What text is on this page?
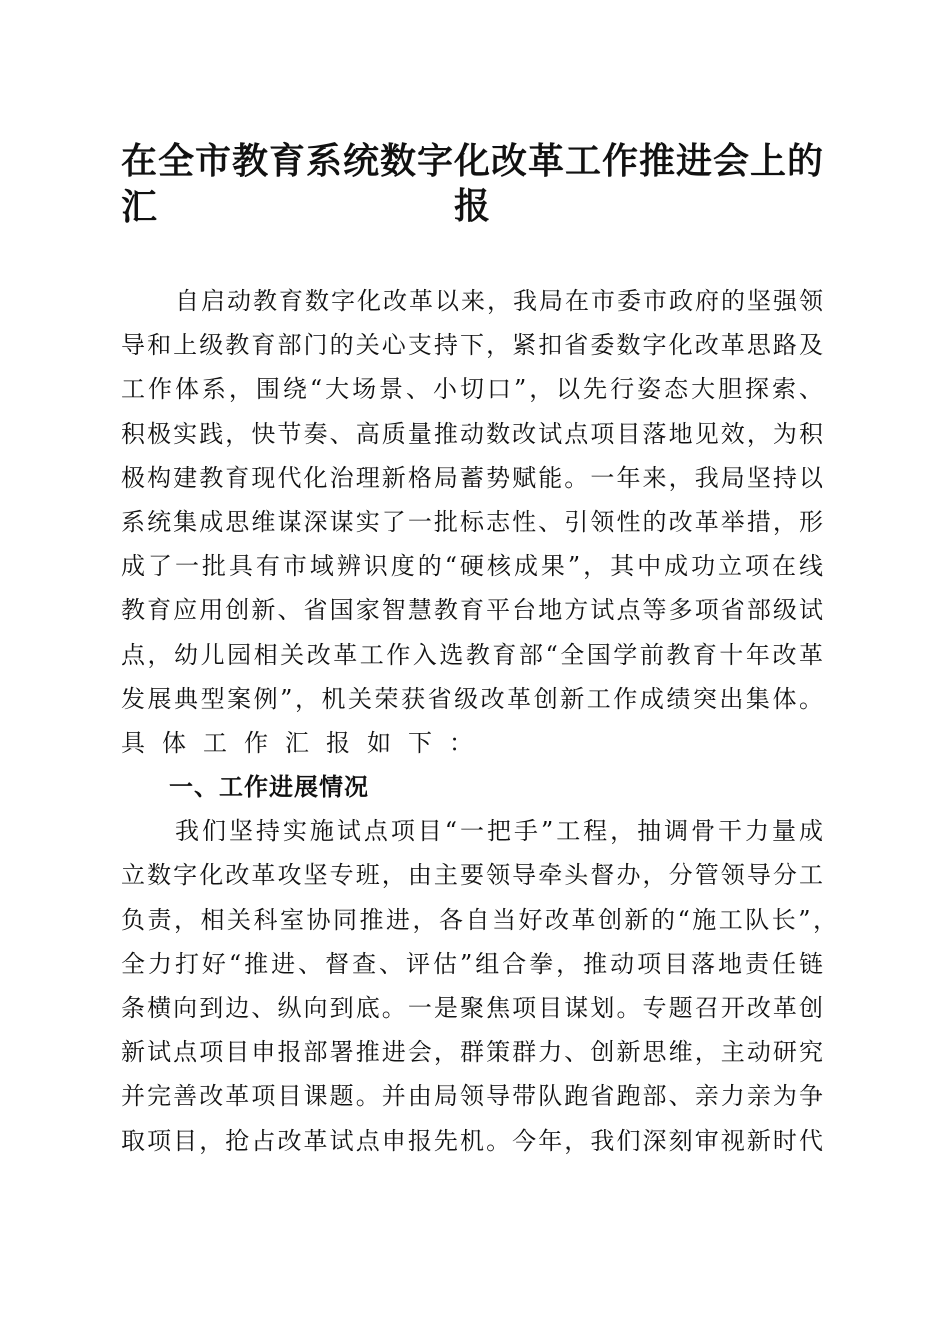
在全市教育系统数字化改革工作推进会上的汇	报
自启动教育数字化改革以来，我局在市委市政府的坚强领
导和上级教育部门的关心支持下，紧扣省委数字化改革思路及
工作体系，围绕“大场景、小切口”，以先行姿态大胆探索、
积极实践，快节奏、高质量推动数改试点项目落地见效，为积
极构建教育现代化治理新格局蓄势赋能。一年来，我局坚持以
系统集成思维谋深谋实了一批标志性、引领性的改革举措，形
成了一批具有市域辨识度的“硬核成果”，其中成功立项在线
教育应用创新、省国家智慧教育平台地方试点等多项省部级试
点，幼儿园相关改革工作入选教育部“全国学前教育十年改革
发展典型案例”，机关荣获省级改革创新工作成绩突出集体。
具体工作汇报如下：
一、工作进展情况
我们坚持实施试点项目“一把手”工程，抽调骨干力量成
立数字化改革攻坚专班，由主要领导牵头督办，分管领导分工
负责，相关科室协同推进，各自当好改革创新的“施工队长”，
全力打好“推进、督查、评估”组合拳，推动项目落地责任链
条横向到边、纵向到底。一是聚焦项目谋划。专题召开改革创
新试点项目申报部署推进会，群策群力、创新思维，主动研究
并完善改革项目课题。并由局领导带队跑省跑部、亲力亲为争
取项目，抢占改革试点申报先机。今年，我们深刻审视新时代
